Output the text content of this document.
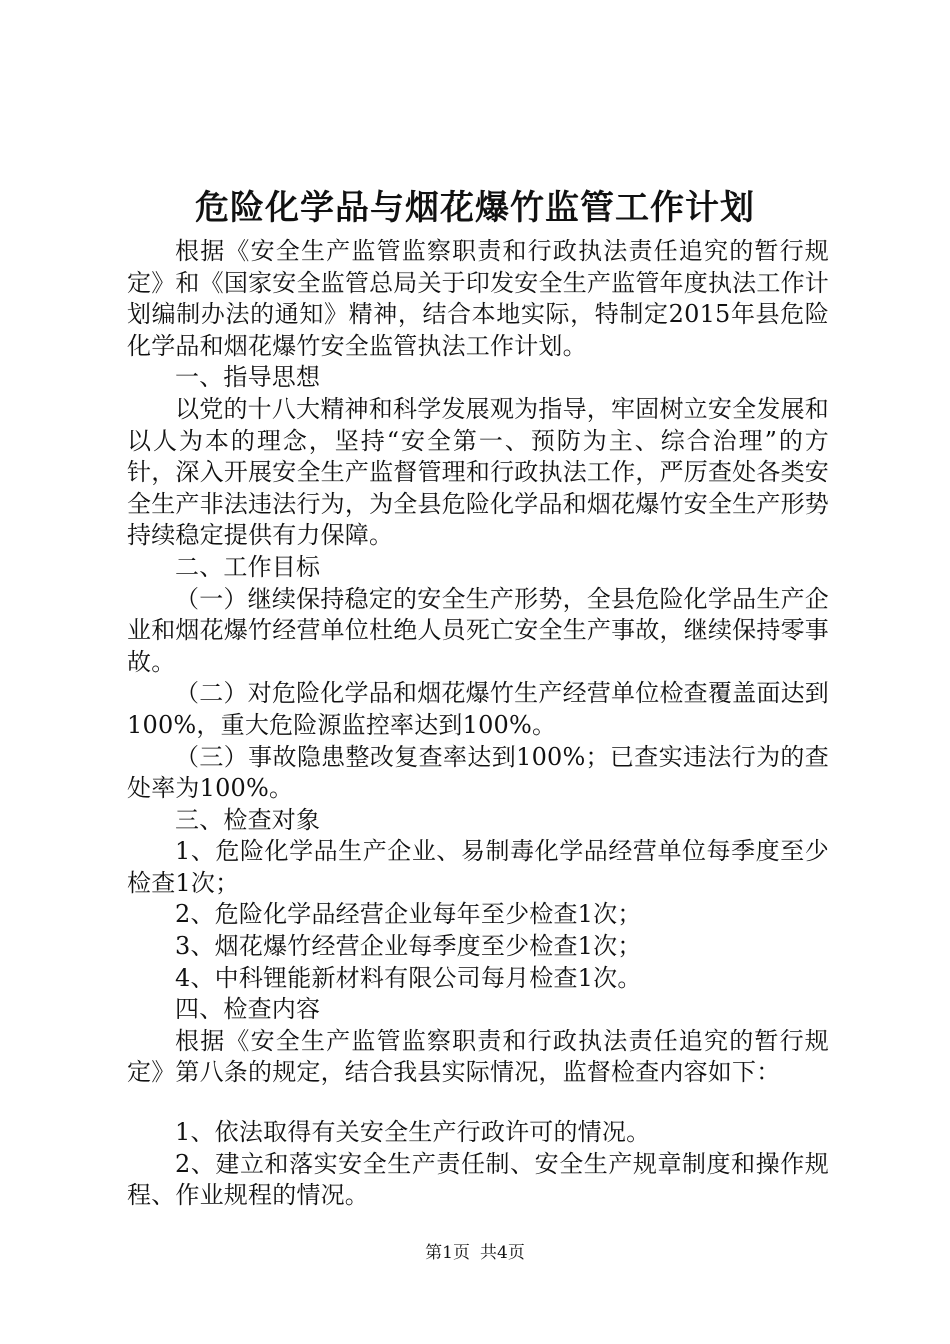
危险化学品与烟花爆竹监管工作计划

根据《安全生产监管监察职责和行政执法责任追究的暂行规定》和《国家安全监管总局关于印发安全生产监管年度执法工作计划编制办法的通知》精神，结合本地实际，特制定2015年县危险化学品和烟花爆竹安全监管执法工作计划。

一、指导思想

以党的十八大精神和科学发展观为指导，牢固树立安全发展和以人为本的理念，坚持“安全第一、预防为主、综合治理”的方针，深入开展安全生产监督管理和行政执法工作，严厉查处各类安全生产非法违法行为，为全县危险化学品和烟花爆竹安全生产形势持续稳定提供有力保障。

二、工作目标

（一）继续保持稳定的安全生产形势，全县危险化学品生产企业和烟花爆竹经营单位杜绝人员死亡安全生产事故，继续保持零事故。

（二）对危险化学品和烟花爆竹生产经营单位检查覆盖面达到100%，重大危险源监控率达到100%。

（三）事故隐患整改复查率达到100%；已查实违法行为的查处率为100%。

三、检查对象

1、危险化学品生产企业、易制毒化学品经营单位每季度至少检查1次；

2、危险化学品经营企业每年至少检查1次；

3、烟花爆竹经营企业每季度至少检查1次；

4、中科锂能新材料有限公司每月检查1次。

四、检查内容

根据《安全生产监管监察职责和行政执法责任追究的暂行规定》第八条的规定，结合我县实际情况，监督检查内容如下：

1、依法取得有关安全生产行政许可的情况。

2、建立和落实安全生产责任制、安全生产规章制度和操作规程、作业规程的情况。

第1页 共4页
